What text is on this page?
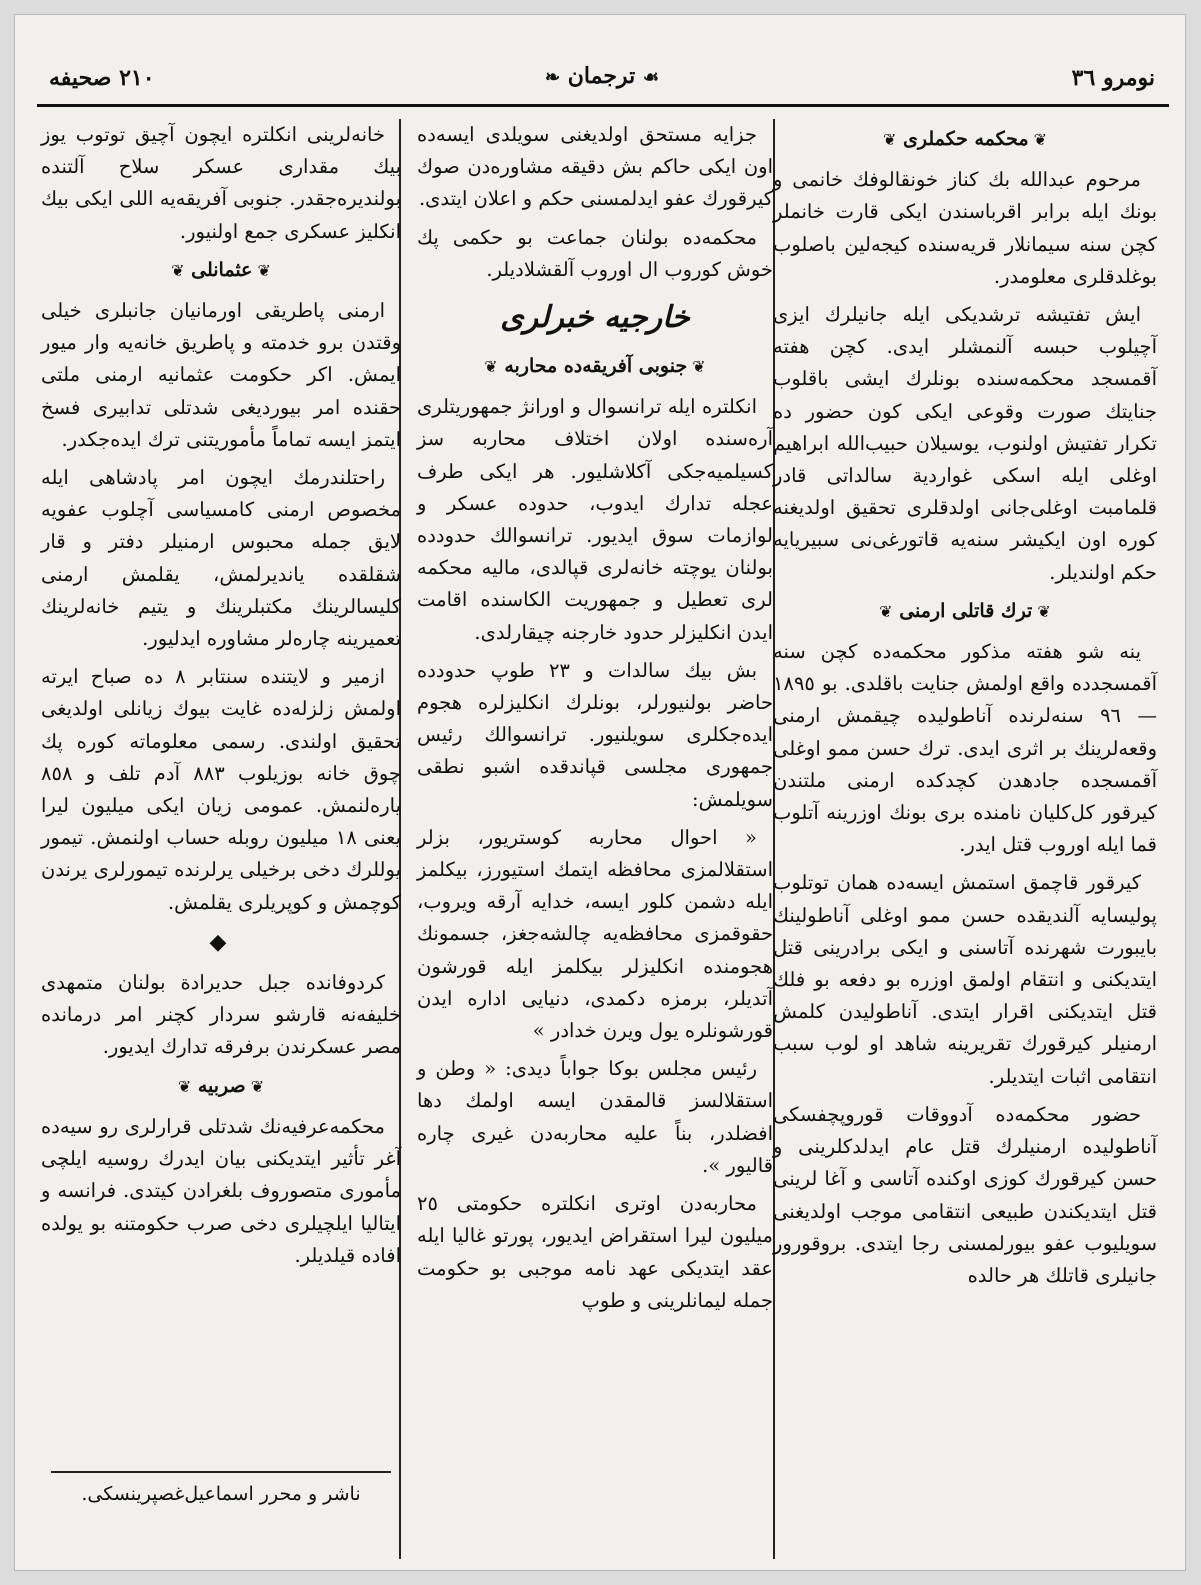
نومرو ٣٦
☙ ترجمان ❧
٢١٠ صحيفه
❦ محكمه حكملرى ❦

مرحوم عبدالله بك كناز خونقالوفك خانمى و بونك ايله برابر اقرباسندن ايكى قارت خانملر كچن سنه سيمانلار قريه‌سنده كيجه‌لين باصلوب بوغلدقلرى معلومدر.

ايش تفتيشه ترشديكى ايله جانيلرك ايزى آچيلوب حبسه آلنمشلر ايدى. كچن هفته آقمسجد محكمه‌سنده بونلرك ايشى باقلوب جنايتك صورت وقوعى ايكى كون حضور ده تكرار تفتيش اولنوب، يوسيلان حبيب‌الله ابراهيم اوغلى ايله اسكى غواردية سالداتى قادر قلمامبت اوغلى‌جانى اولدقلرى تحقيق اولديغنه كوره اون ايكيشر سنه‌يه قاتورغى‌نى سبيريايه حكم اولنديلر.

❦ ترك قاتلى ارمنى ❦

ينه شو هفته مذكور محكمه‌ده كچن سنه آقمسجدده واقع اولمش جنايت باقلدى. بو ١٨٩٥ — ٩٦ سنه‌لرنده آناطوليده چيقمش ارمنى وقعه‌لرينك بر اثرى ايدى. ترك حسن ممو اوغلى آقمسجده جادهدن كچدكده ارمنى ملتندن كيرقور كل‌كليان نامنده برى بونك اوزرينه آتلوب قما ايله اوروب قتل ايدر.

كيرقور قاچمق استمش ايسه‌ده همان توتلوب پوليسايه آلنديقده حسن ممو اوغلى آناطولينك بايبورت شهرنده آتاسنى و ايكى برادرينى قتل ايتديكنى و انتقام اولمق اوزره بو دفعه بو فلك قتل ايتديكنى اقرار ايتدى. آناطوليدن كلمش ارمنيلر كيرقورك تقريرينه شاهد او لوب سبب انتقامى اثبات ايتديلر.

حضور محكمه‌ده آدووقات قوروپچفسكى آناطوليده ارمنيلرك قتل عام ايدلدكلرينى و حسن كيرقورك كوزى اوكنده آتاسى و آغا لرينى قتل ايتديكندن طبيعى انتقامى موجب اولديغنى سويليوب عفو بيورلمسنى رجا ايتدى. بروقورور جانيلرى قاتلك هر حالده

جزايه مستحق اولديغنى سويلدى ايسه‌ده اون ايكى حاكم بش دقيقه مشاوره‌دن صوك كيرقورك عفو ايدلمسنى حكم و اعلان ايتدى.

محكمه‌ده بولنان جماعت بو حكمى پك خوش كوروب ال اوروب آلقشلاديلر.

خارجيه خبرلرى
❦ جنوبى آفريقه‌ده محاربه ❦

انكلتره ايله ترانسوال و اورانژ جمهوريتلرى آره‌سنده اولان اختلاف محاربه سز كسيلميه‌جكى آكلاشليور. هر ايكى طرف عجله تدارك ايدوب، حدوده عسكر و لوازمات سوق ايديور. ترانسوالك حدودده بولنان يوچته خانه‌لرى قپالدى، ماليه محكمه لرى تعطيل و جمهوريت الكاسنده اقامت ايدن انكليزلر حدود خارجنه چيقارلدى.

بش بيك سالدات و ٢٣ طوپ حدودده حاضر بولنيورلر، بونلرك انكليزلره هجوم ايده‌جكلرى سويلنيور. ترانسوالك رئيس جمهورى مجلسى قپاندقده اشبو نطقى سويلمش:

« احوال محاربه كوستريور، بزلر استقلالمزى محافظه ايتمك استيورز، بيكلمز ايله دشمن كلور ايسه، خدايه آرقه ويروب، حقوقمزى محافظه‌يه چالشه‌جغز، جسمونك هجومنده انكليزلر بيكلمز ايله قورشون آتديلر، برمزه دكمدى، دنيايى اداره ايدن قورشونلره يول ويرن خدادر »

رئيس مجلس بوكا جواباً ديدى: « وطن و استقلالسز قالمقدن ايسه اولمك دها افضلدر، بناً عليه محاربه‌دن غيرى چاره قاليور ».

محاربه‌دن اوترى انكلتره حكومتى ٢٥ ميليون ليرا استقراض ايديور، پورتو غاليا ايله عقد ايتديكى عهد نامه موجبى بو حكومت جمله ليمانلرينى و طوپ

خانه‌لرينى انكلتره ايچون آچيق توتوب يوز بيك مقدارى عسكر سلاح آلتنده بولندير‌ه‌جقدر. جنوبى آفريقه‌يه اللى ايكى بيك انكليز عسكرى جمع اولنيور.

❦ عثمانلى ❦

ارمنى پاطريقى اورمانيان جانبلرى خيلى وقتدن برو خدمته و پاطريق خانه‌يه وار ميور ايمش. اكر حكومت عثمانيه ارمنى ملتى حقنده امر بيورديغى شدتلى تدابيرى فسخ ايتمز ايسه تماماً مأموريتنى ترك ايده‌جكدر.

راحتلندرمك ايچون امر پادشاهى ايله مخصوص ارمنى كامسياسى آچلوب عفويه لايق جمله محبوس ارمنيلر دفتر و قار شقلقده ياندير‌لمش، يقلمش ارمنى كليسالرينك مكتبلرينك و يتيم خانه‌لرينك تعميرينه چاره‌لر مشاوره ايدليور.

ازمير و لايتنده سنتابر ٨ ده صباح ايرته اولمش زلزله‌ده غايت بيوك زيانلى اولديغى تحقيق اولندى. رسمى معلوماته كوره پك چوق خانه بوزيلوب ٨٨٣ آدم تلف و ٨٥٨ ياره‌لنمش. عمومى زيان ايكى ميليون ليرا يعنى ١٨ ميليون روبله حساب اولنمش. تيمور يوللرك دخى برخيلى يرلرنده تيمورلرى يرندن كوچمش و كوپريلرى يقلمش.

◆

كردوفانده جبل حديرادة بولنان متمهدى خليفه‌نه قارشو سردار كچنر امر درمانده مصر عسكرندن برفرقه تدارك ايديور.

❦ صربيه ❦

محكمه‌عرفيه‌نك شدتلى قرارلرى رو سيه‌ده آغر تأثير ايتديكنى بيان ايدرك روسيه ايلچى مأمورى متصوروف بلغرادن كيتدى. فرانسه و ايتاليا ايلچيلرى دخى صرب حكومتنه بو يولده افاده قيلديلر.

ناشر و محرر اسماعيل‌غصپرينسكى.
